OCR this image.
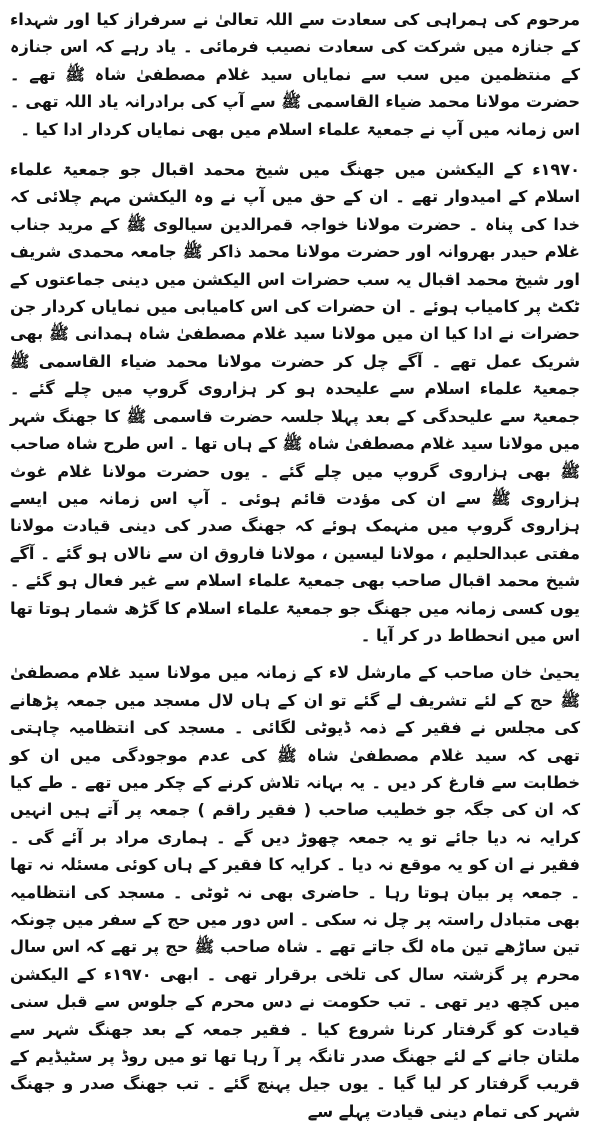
مرحوم کی ہمراہی کی سعادت سے اللہ تعالیٰ نے سرفراز کیا اور شہداء کے جنازہ میں شرکت کی سعادت نصیب فرمائی ۔ یاد رہے کہ اس جنازہ کے منتظمین میں سب سے نمایاں سید غلام مصطفیٰ شاہ ﷺ تھے ۔ حضرت مولانا محمد ضیاء القاسمی ﷺ سے آپ کی برادرانہ یاد اللہ تھی ۔ اس زمانہ میں آپ نے جمعیۃ علماء اسلام میں بھی نمایاں کردار ادا کیا ۔

۱۹۷۰ء کے الیکشن میں جھنگ میں شیخ محمد اقبال جو جمعیۃ علماء اسلام کے امیدوار تھے ۔ ان کے حق میں آپ نے وہ الیکشن مہم چلائی کہ خدا کی پناہ ۔ حضرت مولانا خواجہ قمرالدین سیالوی ﷺ کے مرید جناب غلام حیدر بھروانہ اور حضرت مولانا محمد ذاکر ﷺ جامعہ محمدی شریف اور شیخ محمد اقبال یہ سب حضرات اس الیکشن میں دینی جماعتوں کے ٹکٹ پر کامیاب ہوئے ۔ ان حضرات کی اس کامیابی میں نمایاں کردار جن حضرات نے ادا کیا ان میں مولانا سید غلام مصطفیٰ شاہ ہمدانی ﷺ بھی شریک عمل تھے ۔ آگے چل کر حضرت مولانا محمد ضیاء القاسمی ﷺ جمعیۃ علماء اسلام سے علیحدہ ہو کر ہزاروی گروپ میں چلے گئے ۔ جمعیۃ سے علیحدگی کے بعد پہلا جلسہ حضرت قاسمی ﷺ کا جھنگ شہر میں مولانا سید غلام مصطفیٰ شاہ ﷺ کے ہاں تھا ۔ اس طرح شاہ صاحب ﷺ بھی ہزاروی گروپ میں چلے گئے ۔ یوں حضرت مولانا غلام غوث ہزاروی ﷺ سے ان کی مؤدت قائم ہوئی ۔ آپ اس زمانہ میں ایسے ہزاروی گروپ میں منہمک ہوئے کہ جھنگ صدر کی دینی قیادت مولانا مفتی عبدالحلیم ، مولانا لیسین ، مولانا فاروق ان سے نالاں ہو گئے ۔ آگے شیخ محمد اقبال صاحب بھی جمعیۃ علماء اسلام سے غیر فعال ہو گئے ۔ یوں کسی زمانہ میں جھنگ جو جمعیۃ علماء اسلام کا گڑھ شمار ہوتا تھا اس میں انحطاط در کر آیا ۔

یحییٰ خان صاحب کے مارشل لاء کے زمانہ میں مولانا سید غلام مصطفیٰ ﷺ حج کے لئے تشریف لے گئے تو ان کے ہاں لال مسجد میں جمعہ پڑھانے کی مجلس نے فقیر کے ذمہ ڈیوٹی لگائی ۔ مسجد کی انتظامیہ چاہتی تھی کہ سید غلام مصطفیٰ شاہ ﷺ کی عدم موجودگی میں ان کو خطابت سے فارغ کر دیں ۔ یہ بہانہ تلاش کرنے کے چکر میں تھے ۔ طے کیا کہ ان کی جگہ جو خطیب صاحب ( فقیر راقم ) جمعہ پر آتے ہیں انہیں کرایہ نہ دیا جائے تو یہ جمعہ چھوڑ دیں گے ۔ ہماری مراد بر آئے گی ۔ فقیر نے ان کو یہ موقع نہ دیا ۔ کرایہ کا فقیر کے ہاں کوئی مسئلہ نہ تھا ۔ جمعہ پر بیان ہوتا رہا ۔ حاضری بھی نہ ٹوٹی ۔ مسجد کی انتظامیہ بھی متبادل راستہ پر چل نہ سکی ۔ اس دور میں حج کے سفر میں چونکہ تین ساڑھے تین ماہ لگ جاتے تھے ۔ شاہ صاحب ﷺ حج پر تھے کہ اس سال محرم پر گزشتہ سال کی تلخی برقرار تھی ۔ ابھی ۱۹۷۰ء کے الیکشن میں کچھ دیر تھی ۔ تب حکومت نے دس محرم کے جلوس سے قبل سنی قیادت کو گرفتار کرنا شروع کیا ۔ فقیر جمعہ کے بعد جھنگ شہر سے ملتان جانے کے لئے جھنگ صدر تانگہ پر آ رہا تھا تو میں روڈ پر سٹیڈیم کے قریب گرفتار کر لیا گیا ۔ یوں جیل پہنچ گئے ۔ تب جھنگ صدر و جھنگ شہر کی تمام دینی قیادت پہلے سے
